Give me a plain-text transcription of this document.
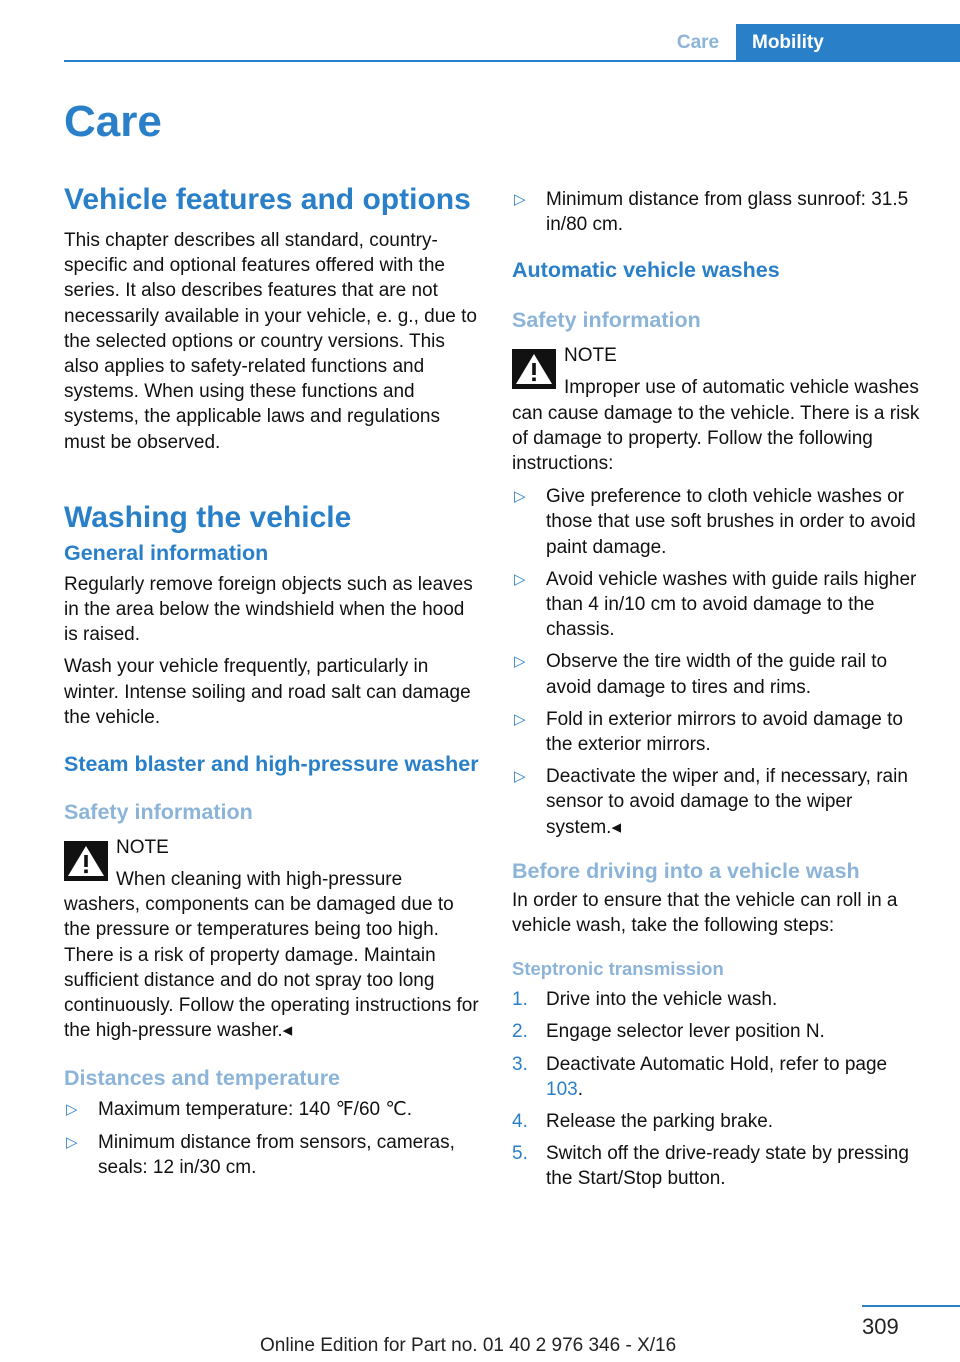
Care	Mobility
Care
Vehicle features and options

This chapter describes all standard, country-specific and optional features offered with the series. It also describes features that are not necessarily available in your vehicle, e. g., due to the selected options or country versions. This also applies to safety-related functions and systems. When using these functions and systems, the applicable laws and regulations must be observed.

Washing the vehicle
General information

Regularly remove foreign objects such as leaves in the area below the windshield when the hood is raised.

Wash your vehicle frequently, particularly in winter. Intense soiling and road salt can damage the vehicle.

Steam blaster and high-pressure washer
Safety information
NOTE
When cleaning with high-pressure washers, components can be damaged due to the pressure or temperatures being too high. There is a risk of property damage. Maintain sufficient distance and do not spray too long continuously. Follow the operating instructions for the high-pressure washer.◂
Distances and temperature
▷ Maximum temperature: 140 ℉/60 ℃.
▷ Minimum distance from sensors, cameras, seals: 12 in/30 cm.
▷ Minimum distance from glass sunroof: 31.5 in/80 cm.
Automatic vehicle washes
Safety information
NOTE
Improper use of automatic vehicle washes can cause damage to the vehicle. There is a risk of damage to property. Follow the following instructions:
▷ Give preference to cloth vehicle washes or those that use soft brushes in order to avoid paint damage.
▷ Avoid vehicle washes with guide rails higher than 4 in/10 cm to avoid damage to the chassis.
▷ Observe the tire width of the guide rail to avoid damage to tires and rims.
▷ Fold in exterior mirrors to avoid damage to the exterior mirrors.
▷ Deactivate the wiper and, if necessary, rain sensor to avoid damage to the wiper system.◂
Before driving into a vehicle wash

In order to ensure that the vehicle can roll in a vehicle wash, take the following steps:

Steptronic transmission
1. Drive into the vehicle wash.
2. Engage selector lever position N.
3. Deactivate Automatic Hold, refer to page 103.
4. Release the parking brake.
5. Switch off the drive-ready state by pressing the Start/Stop button.
309
Online Edition for Part no. 01 40 2 976 346 - X/16
